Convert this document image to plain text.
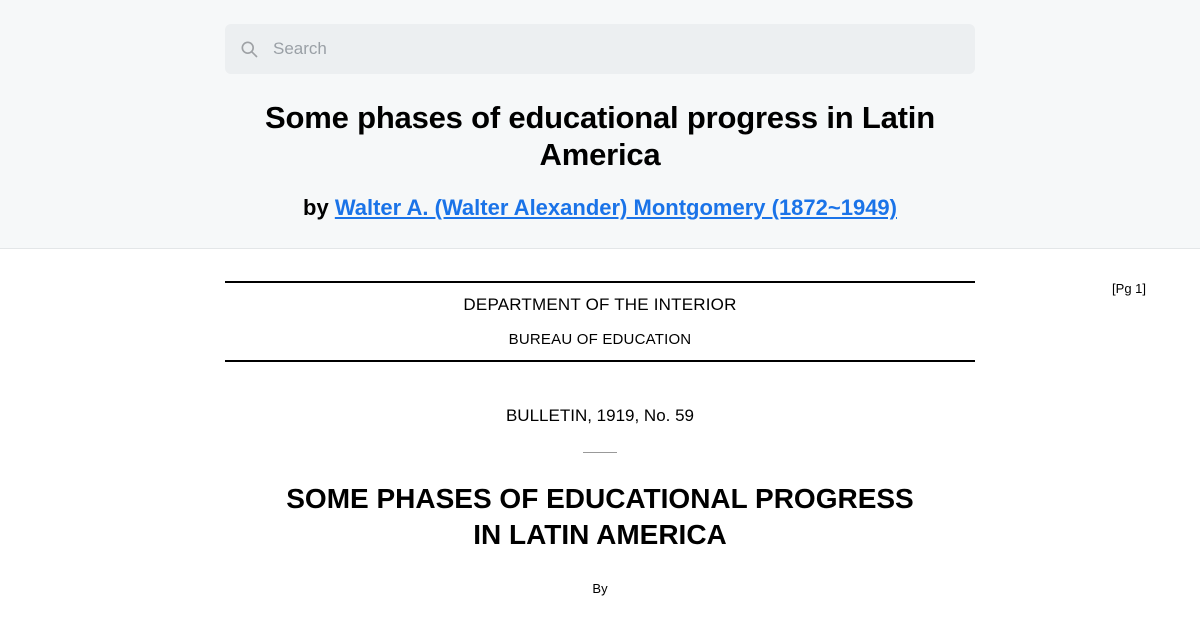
Search
Some phases of educational progress in Latin America
by Walter A. (Walter Alexander) Montgomery (1872~1949)
[Pg 1]
DEPARTMENT OF THE INTERIOR
BUREAU OF EDUCATION
BULLETIN, 1919, No. 59
SOME PHASES OF EDUCATIONAL PROGRESS
IN LATIN AMERICA
By
